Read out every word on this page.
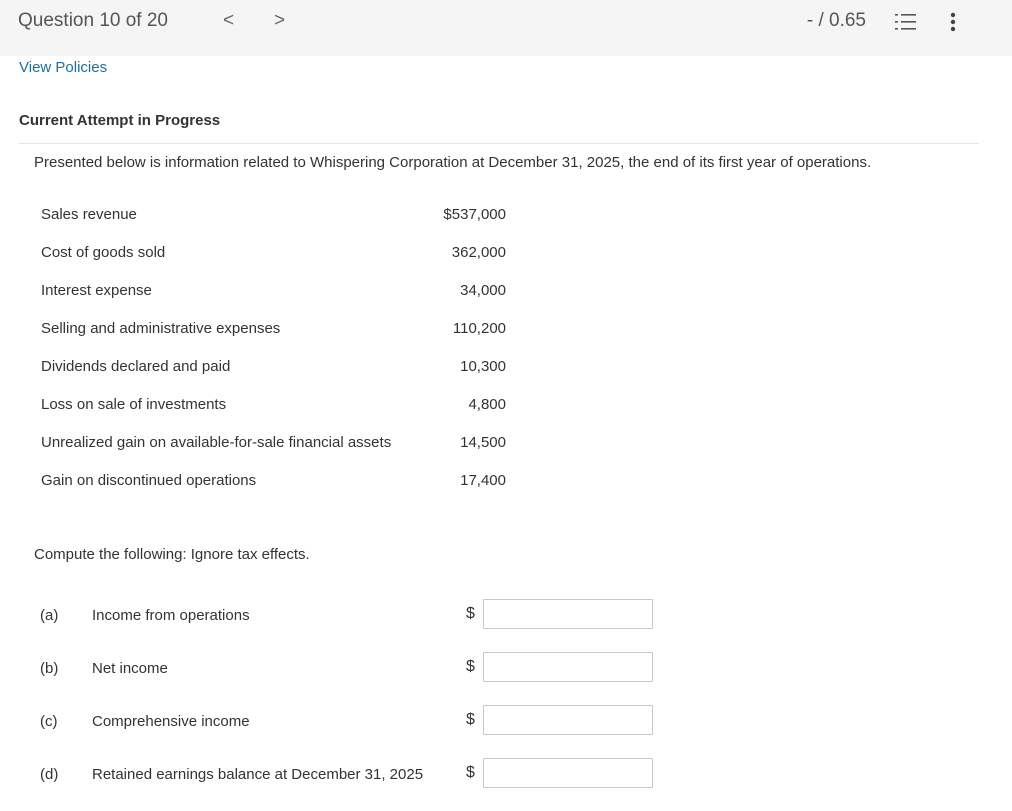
Question 10 of 20	< >	- / 0.65
View Policies
Current Attempt in Progress
Presented below is information related to Whispering Corporation at December 31, 2025, the end of its first year of operations.
Sales revenue	$537,000
Cost of goods sold	362,000
Interest expense	34,000
Selling and administrative expenses	110,200
Dividends declared and paid	10,300
Loss on sale of investments	4,800
Unrealized gain on available-for-sale financial assets	14,500
Gain on discontinued operations	17,400
Compute the following: Ignore tax effects.
(a) Income from operations	$
(b) Net income	$
(c) Comprehensive income	$
(d) Retained earnings balance at December 31, 2025	$
